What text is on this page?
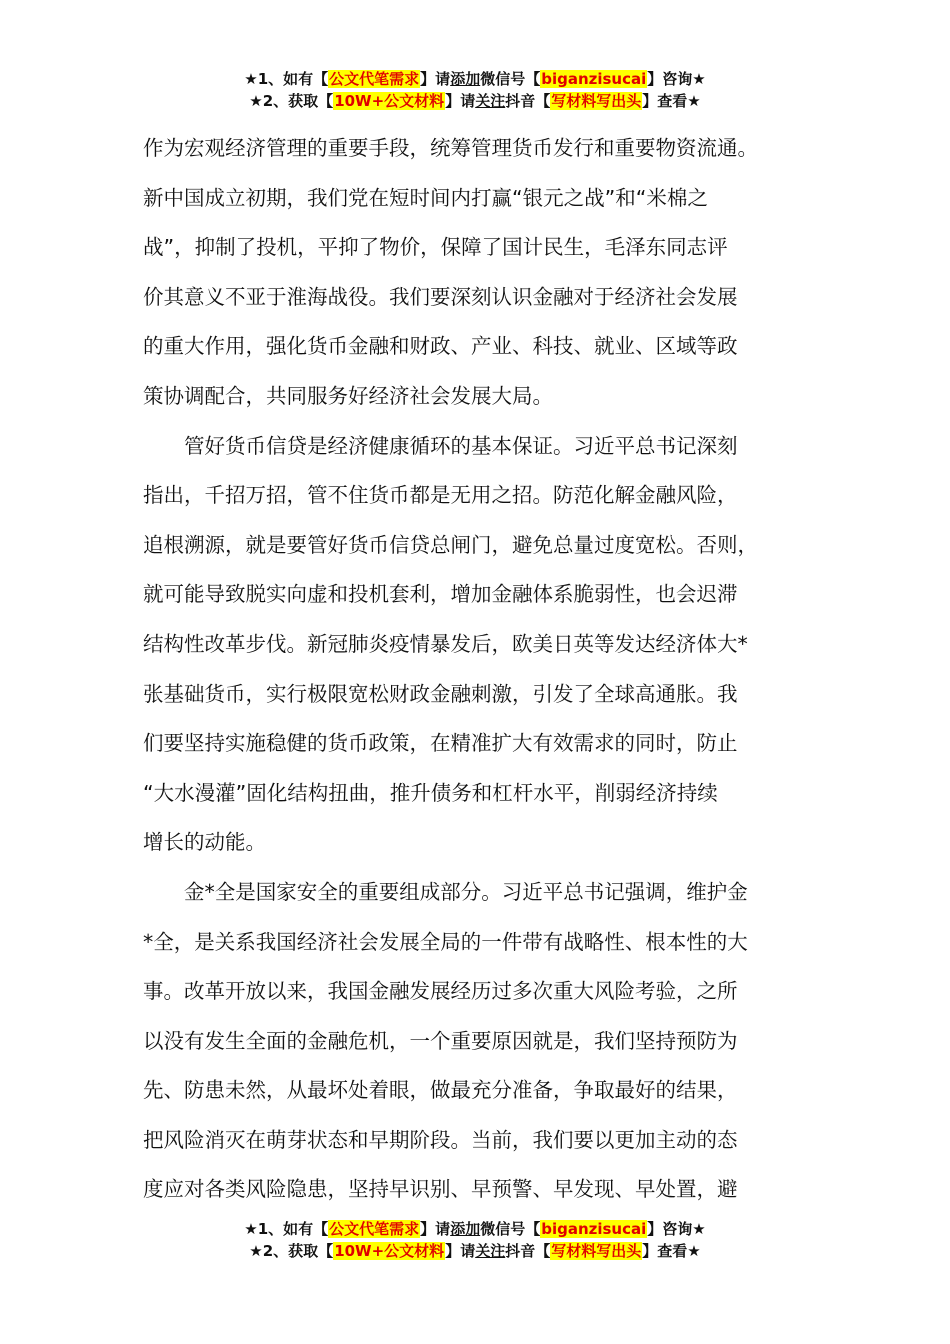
★1、如有【公文代笔需求】请添加微信号【biganzisucai】咨询★
★2、获取【10W+公文材料】请关注抖音【写材料写出头】查看★
作为宏观经济管理的重要手段，统筹管理货币发行和重要物资流通。
新中国成立初期，我们党在短时间内打赢“银元之战”和“米棉之
战”，抑制了投机，平抑了物价，保障了国计民生，毛泽东同志评
价其意义不亚于淮海战役。我们要深刻认识金融对于经济社会发展
的重大作用，强化货币金融和财政、产业、科技、就业、区域等政
策协调配合，共同服务好经济社会发展大局。
　　管好货币信贷是经济健康循环的基本保证。习近平总书记深刻
指出，千招万招，管不住货币都是无用之招。防范化解金融风险，
追根溯源，就是要管好货币信贷总闸门，避免总量过度宽松。否则，
就可能导致脱实向虚和投机套利，增加金融体系脆弱性，也会迟滞
结构性改革步伐。新冠肺炎疫情暴发后，欧美日英等发达经济体大*
张基础货币，实行极限宽松财政金融刺激，引发了全球高通胀。我
们要坚持实施稳健的货币政策，在精准扩大有效需求的同时，防止
“大水漫灌”固化结构扭曲，推升债务和杠杆水平，削弱经济持续
增长的动能。
　　金*全是国家安全的重要组成部分。习近平总书记强调，维护金
*全，是关系我国经济社会发展全局的一件带有战略性、根本性的大
事。改革开放以来，我国金融发展经历过多次重大风险考验，之所
以没有发生全面的金融危机，一个重要原因就是，我们坚持预防为
先、防患未然，从最坏处着眼，做最充分准备，争取最好的结果，
把风险消灭在萌芽状态和早期阶段。当前，我们要以更加主动的态
度应对各类风险隐患，坚持早识别、早预警、早发现、早处置，避
★1、如有【公文代笔需求】请添加微信号【biganzisucai】咨询★
★2、获取【10W+公文材料】请关注抖音【写材料写出头】查看★
